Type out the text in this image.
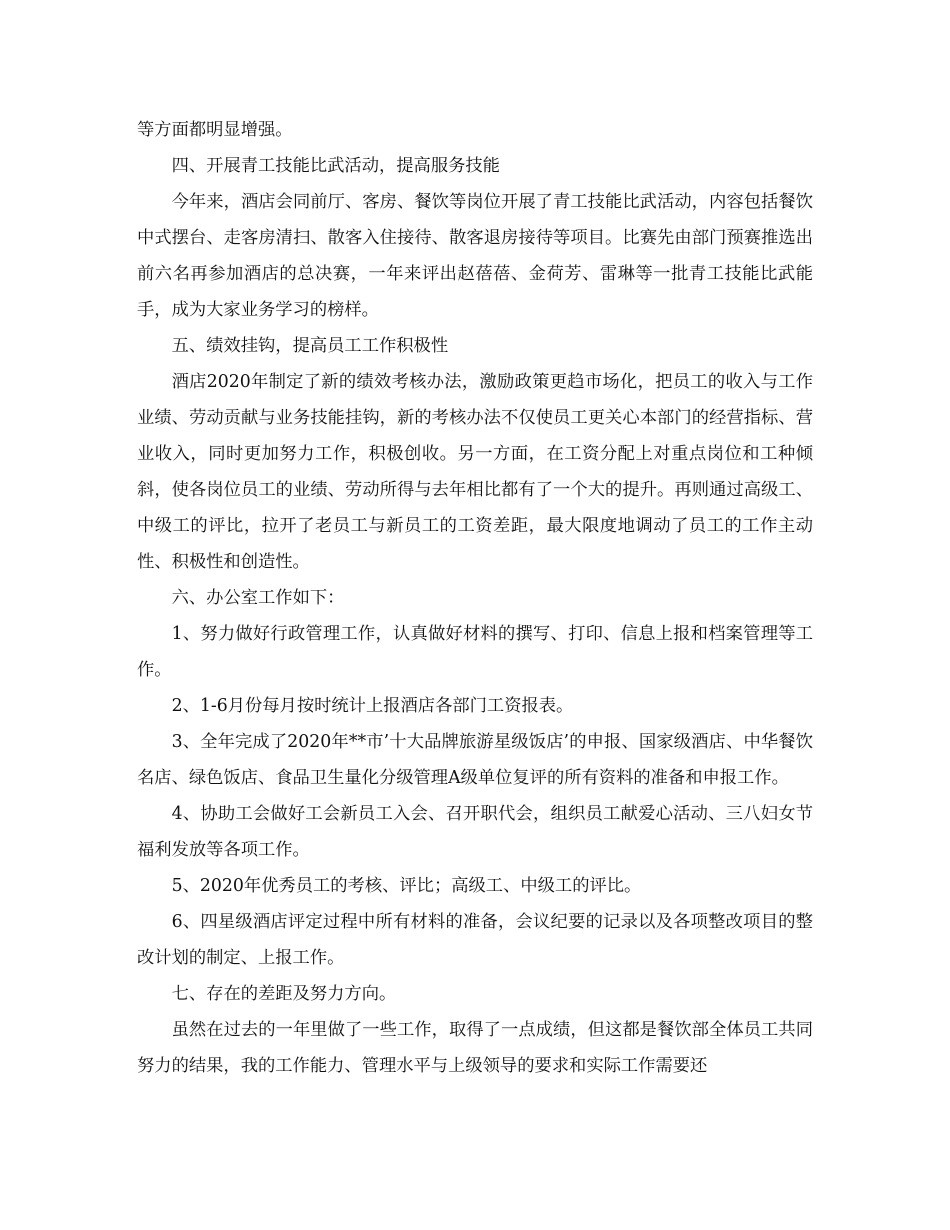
等方面都明显增强。

四、开展青工技能比武活动，提高服务技能

今年来，酒店会同前厅、客房、餐饮等岗位开展了青工技能比武活动，内容包括餐饮中式摆台、走客房清扫、散客入住接待、散客退房接待等项目。比赛先由部门预赛推选出前六名再参加酒店的总决赛，一年来评出赵蓓蓓、金荷芳、雷琳等一批青工技能比武能手，成为大家业务学习的榜样。

五、绩效挂钩，提高员工工作积极性

酒店2020年制定了新的绩效考核办法，激励政策更趋市场化，把员工的收入与工作业绩、劳动贡献与业务技能挂钩，新的考核办法不仅使员工更关心本部门的经营指标、营业收入，同时更加努力工作，积极创收。另一方面，在工资分配上对重点岗位和工种倾斜，使各岗位员工的业绩、劳动所得与去年相比都有了一个大的提升。再则通过高级工、中级工的评比，拉开了老员工与新员工的工资差距，最大限度地调动了员工的工作主动性、积极性和创造性。

六、办公室工作如下：

1、努力做好行政管理工作，认真做好材料的撰写、打印、信息上报和档案管理等工作。

2、1-6月份每月按时统计上报酒店各部门工资报表。

3、全年完成了2020年**市’十大品牌旅游星级饭店’的申报、国家级酒店、中华餐饮名店、绿色饭店、食品卫生量化分级管理A级单位复评的所有资料的准备和申报工作。

4、协助工会做好工会新员工入会、召开职代会，组织员工献爱心活动、三八妇女节福利发放等各项工作。

5、2020年优秀员工的考核、评比；高级工、中级工的评比。

6、四星级酒店评定过程中所有材料的准备，会议纪要的记录以及各项整改项目的整改计划的制定、上报工作。

七、存在的差距及努力方向。

虽然在过去的一年里做了一些工作，取得了一点成绩，但这都是餐饮部全体员工共同努力的结果，我的工作能力、管理水平与上级领导的要求和实际工作需要还
